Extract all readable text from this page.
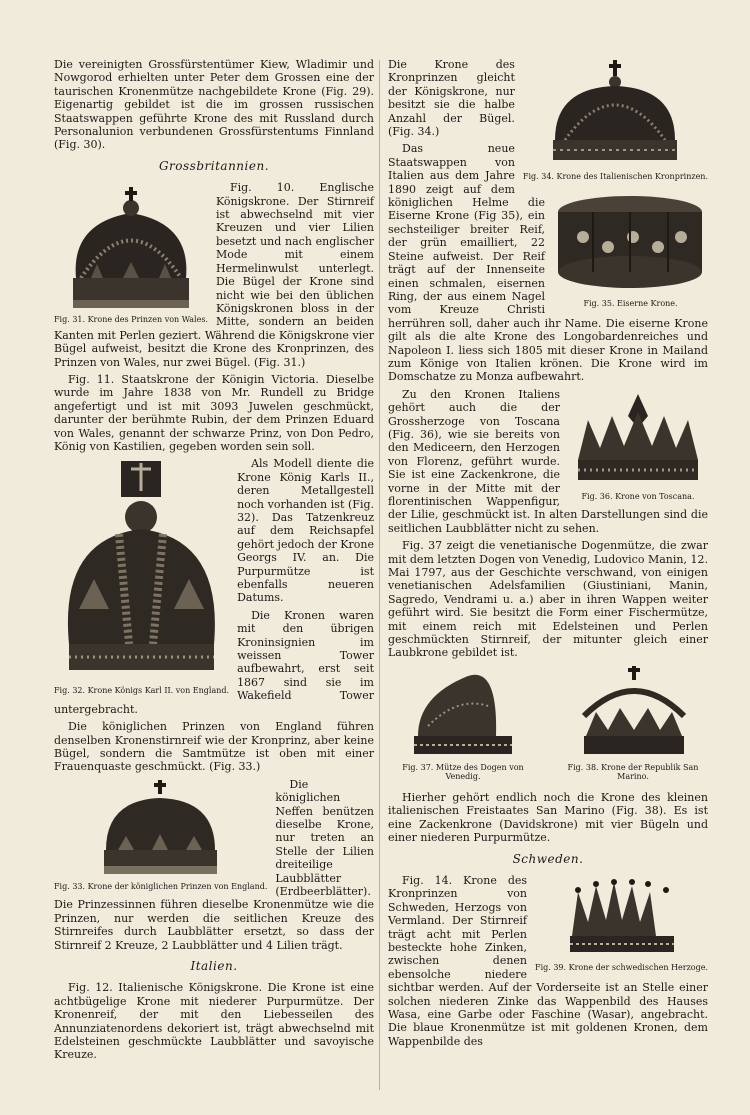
Die vereinigten Grossfürstentümer Kiew, Wladimir und Nowgorod erhielten unter Peter dem Grossen eine der taurischen Kronenmütze nachgebildete Krone (Fig. 29). Eigenartig gebildet ist die im grossen russischen Staatswappen geführte Krone des mit Russland durch Personalunion verbundenen Grossfürstentums Finnland (Fig. 30).

Grossbritannien.
Fig. 31. Krone des Prinzen von Wales.

Fig. 10. Englische Königskrone. Der Stirnreif ist abwechselnd mit vier Kreuzen und vier Lilien besetzt und nach englischer Mode mit einem Hermelinwulst unterlegt. Die Bügel der Krone sind nicht wie bei den üblichen Königskronen bloss in der Mitte, sondern an beiden Kanten mit Perlen geziert. Während die Königskrone vier Bügel aufweist, besitzt die Krone des Kronprinzen, des Prinzen von Wales, nur zwei Bügel. (Fig. 31.)

Fig. 11. Staatskrone der Königin Victoria. Dieselbe wurde im Jahre 1838 von Mr. Rundell zu Bridge angefertigt und ist mit 3093 Juwelen geschmückt, darunter der berühmte Rubin, der dem Prinzen Eduard von Wales, genannt der schwarze Prinz, von Don Pedro, König von Kastilien, gegeben worden sein soll.

Fig. 32. Krone Königs Karl II. von England.

Als Modell diente die Krone König Karls II., deren Metallgestell noch vorhanden ist (Fig. 32). Das Tatzenkreuz auf dem Reichsapfel gehört jedoch der Krone Georgs IV. an. Die Purpurmütze ist ebenfalls neueren Datums.

Die Kronen waren mit den übrigen Kroninsignien im weissen Tower aufbewahrt, erst seit 1867 sind sie im Wakefield Tower untergebracht.

Die königlichen Prinzen von England führen denselben Kronenstirnreif wie der Kronprinz, aber keine Bügel, sondern die Samtmütze ist oben mit einer Frauenquaste geschmückt. (Fig. 33.)

Fig. 33. Krone der königlichen Prinzen von England.

Die königlichen Neffen benützen dieselbe Krone, nur treten an Stelle der Lilien dreiteilige Laubblätter (Erdbeerblätter). Die Prinzessinnen führen dieselbe Kronenmütze wie die Prinzen, nur werden die seitlichen Kreuze des Stirnreifes durch Laubblätter ersetzt, so dass der Stirnreif 2 Kreuze, 2 Laubblätter und 4 Lilien trägt.

Italien.

Fig. 12. Italienische Königskrone. Die Krone ist eine achtbügelige Krone mit niederer Purpurmütze. Der Kronenreif, der mit den Liebesseilen des Annunziatenordens dekoriert ist, trägt abwechselnd mit Edelsteinen geschmückte Laubblätter und savoyische Kreuze.

Fig. 34. Krone des Italienischen Kronprinzen.

Die Krone des Kronprinzen gleicht der Königskrone, nur besitzt sie die halbe Anzahl der Bügel. (Fig. 34.)

Fig. 35. Eiserne Krone.

Das neue Staatswappen von Italien aus dem Jahre 1890 zeigt auf dem königlichen Helme die Eiserne Krone (Fig 35), ein sechsteiliger breiter Reif, der grün emailliert, 22 Steine aufweist. Der Reif trägt auf der Innenseite einen schmalen, eisernen Ring, der aus einem Nagel vom Kreuze Christi herrühren soll, daher auch ihr Name. Die eiserne Krone gilt als die alte Krone des Longobardenreiches und Napoleon I. liess sich 1805 mit dieser Krone in Mailand zum Könige von Italien krönen. Die Krone wird im Domschatze zu Monza aufbewahrt.

Fig. 36. Krone von Toscana.

Zu den Kronen Italiens gehört auch die der Grossherzoge von Toscana (Fig. 36), wie sie bereits von den Mediceern, den Herzogen von Florenz, geführt wurde. Sie ist eine Zackenkrone, die vorne in der Mitte mit der florentinischen Wappenfigur, der Lilie, geschmückt ist. In alten Darstellungen sind die seitlichen Laubblätter nicht zu sehen.

Fig. 37 zeigt die venetianische Dogenmütze, die zwar mit dem letzten Dogen von Venedig, Ludovico Manin, 12. Mai 1797, aus der Geschichte verschwand, von einigen venetianischen Adelsfamilien (Giustiniani, Manin, Sagredo, Vendrami u. a.) aber in ihren Wappen weiter geführt wird. Sie besitzt die Form einer Fischermütze, mit einem reich mit Edelsteinen und Perlen geschmückten Stirnreif, der mitunter gleich einer Laubkrone gebildet ist.

Fig. 37. Mütze des Dogen von Venedig.
Fig. 38. Krone der Republik San Marino.

Hierher gehört endlich noch die Krone des kleinen italienischen Freistaates San Marino (Fig. 38). Es ist eine Zackenkrone (Davidskrone) mit vier Bügeln und einer niederen Purpurmütze.

Schweden.
Fig. 39. Krone der schwedischen Herzoge.

Fig. 14. Krone des Kronprinzen von Schweden, Herzogs von Vermland. Der Stirnreif trägt acht mit Perlen besteckte hohe Zinken, zwischen denen ebensolche niedere sichtbar werden. Auf der Vorderseite ist an Stelle einer solchen niederen Zinke das Wappenbild des Hauses Wasa, eine Garbe oder Faschine (Wasar), angebracht. Die blaue Kronenmütze ist mit goldenen Kronen, dem Wappenbilde des
